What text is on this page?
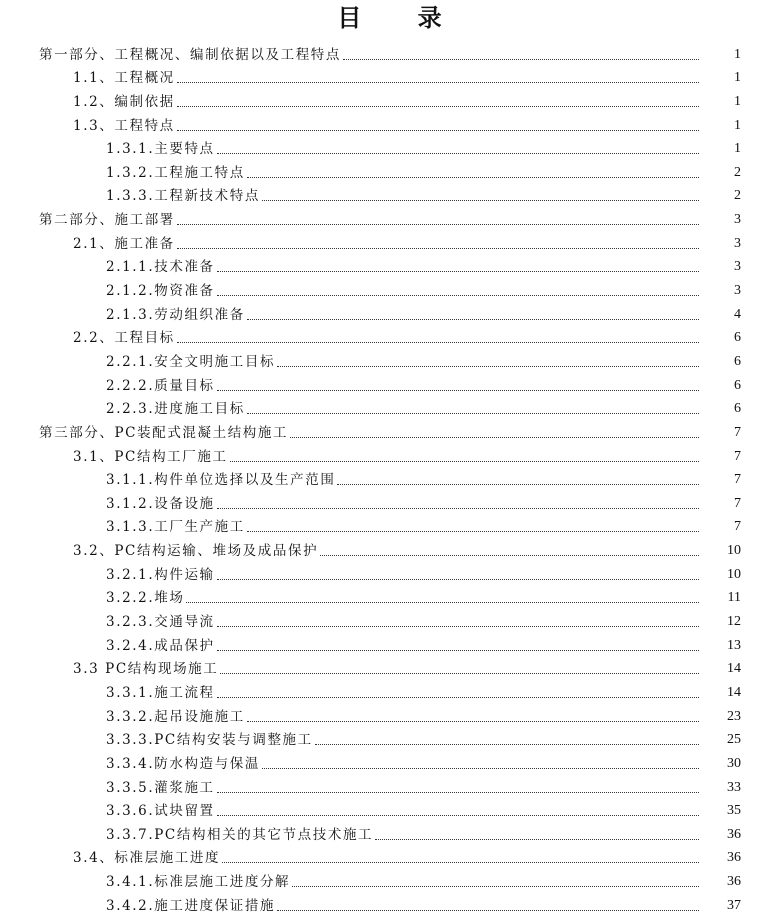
目 录
第一部分、工程概况、编制依据以及工程特点	1
1.1、工程概况	1
1.2、编制依据	1
1.3、工程特点	1
1.3.1.主要特点	1
1.3.2.工程施工特点	2
1.3.3.工程新技术特点	2
第二部分、施工部署	3
2.1、施工准备	3
2.1.1.技术准备	3
2.1.2.物资准备	3
2.1.3.劳动组织准备	4
2.2、工程目标	6
2.2.1.安全文明施工目标	6
2.2.2.质量目标	6
2.2.3.进度施工目标	6
第三部分、PC装配式混凝土结构施工	7
3.1、PC结构工厂施工	7
3.1.1.构件单位选择以及生产范围	7
3.1.2.设备设施	7
3.1.3.工厂生产施工	7
3.2、PC结构运输、堆场及成品保护	10
3.2.1.构件运输	10
3.2.2.堆场	11
3.2.3.交通导流	12
3.2.4.成品保护	13
3.3 PC结构现场施工	14
3.3.1.施工流程	14
3.3.2.起吊设施施工	23
3.3.3.PC结构安装与调整施工	25
3.3.4.防水构造与保温	30
3.3.5.灌浆施工	33
3.3.6.试块留置	35
3.3.7.PC结构相关的其它节点技术施工	36
3.4、标准层施工进度	36
3.4.1.标准层施工进度分解	36
3.4.2.施工进度保证措施	37
